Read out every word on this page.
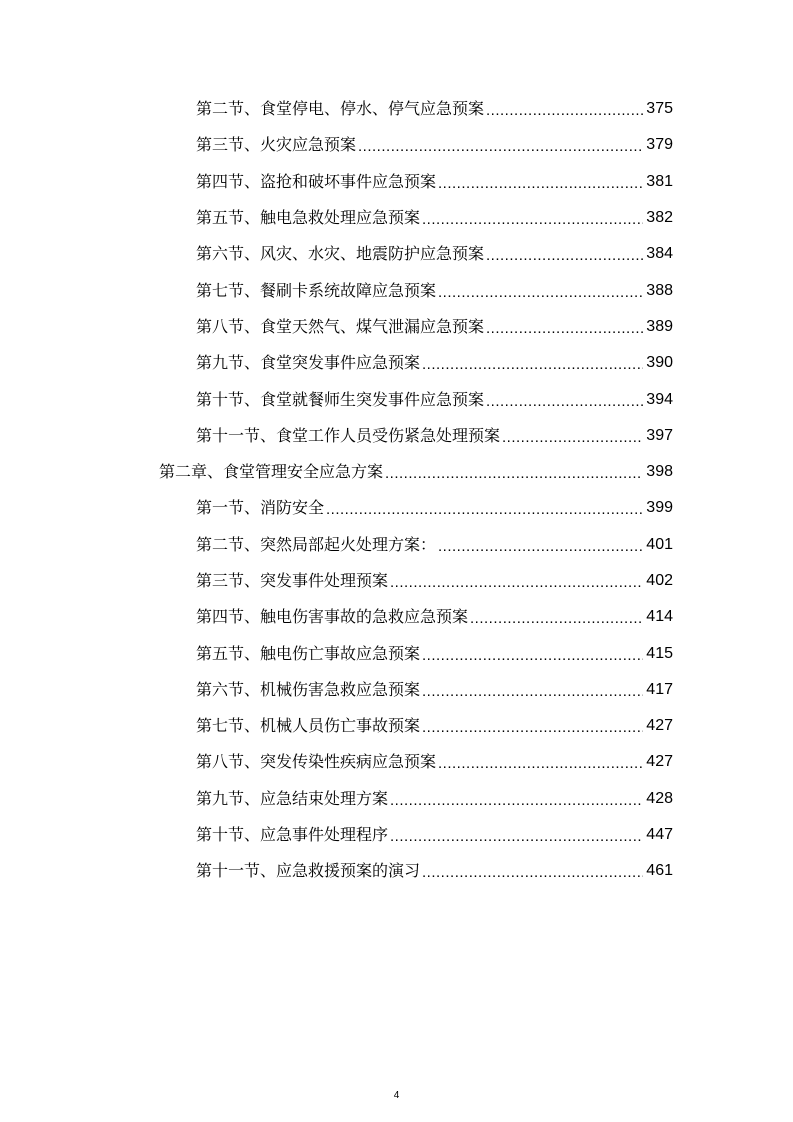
第二节、食堂停电、停水、停气应急预案 .....	375
第三节、火灾应急预案 .....	379
第四节、盗抢和破坏事件应急预案 .....	381
第五节、触电急救处理应急预案 .....	382
第六节、风灾、水灾、地震防护应急预案 .....	384
第七节、餐刷卡系统故障应急预案 .....	388
第八节、食堂天然气、煤气泄漏应急预案 .....	389
第九节、食堂突发事件应急预案 .....	390
第十节、食堂就餐师生突发事件应急预案 .....	394
第十一节、食堂工作人员受伤紧急处理预案 .....	397
第二章、食堂管理安全应急方案 .....	398
第一节、消防安全 .....	399
第二节、突然局部起火处理方案： .....	401
第三节、突发事件处理预案 .....	402
第四节、触电伤害事故的急救应急预案 .....	414
第五节、触电伤亡事故应急预案 .....	415
第六节、机械伤害急救应急预案 .....	417
第七节、机械人员伤亡事故预案 .....	427
第八节、突发传染性疾病应急预案 .....	427
第九节、应急结束处理方案 .....	428
第十节、应急事件处理程序 .....	447
第十一节、应急救援预案的演习 .....	461
4
